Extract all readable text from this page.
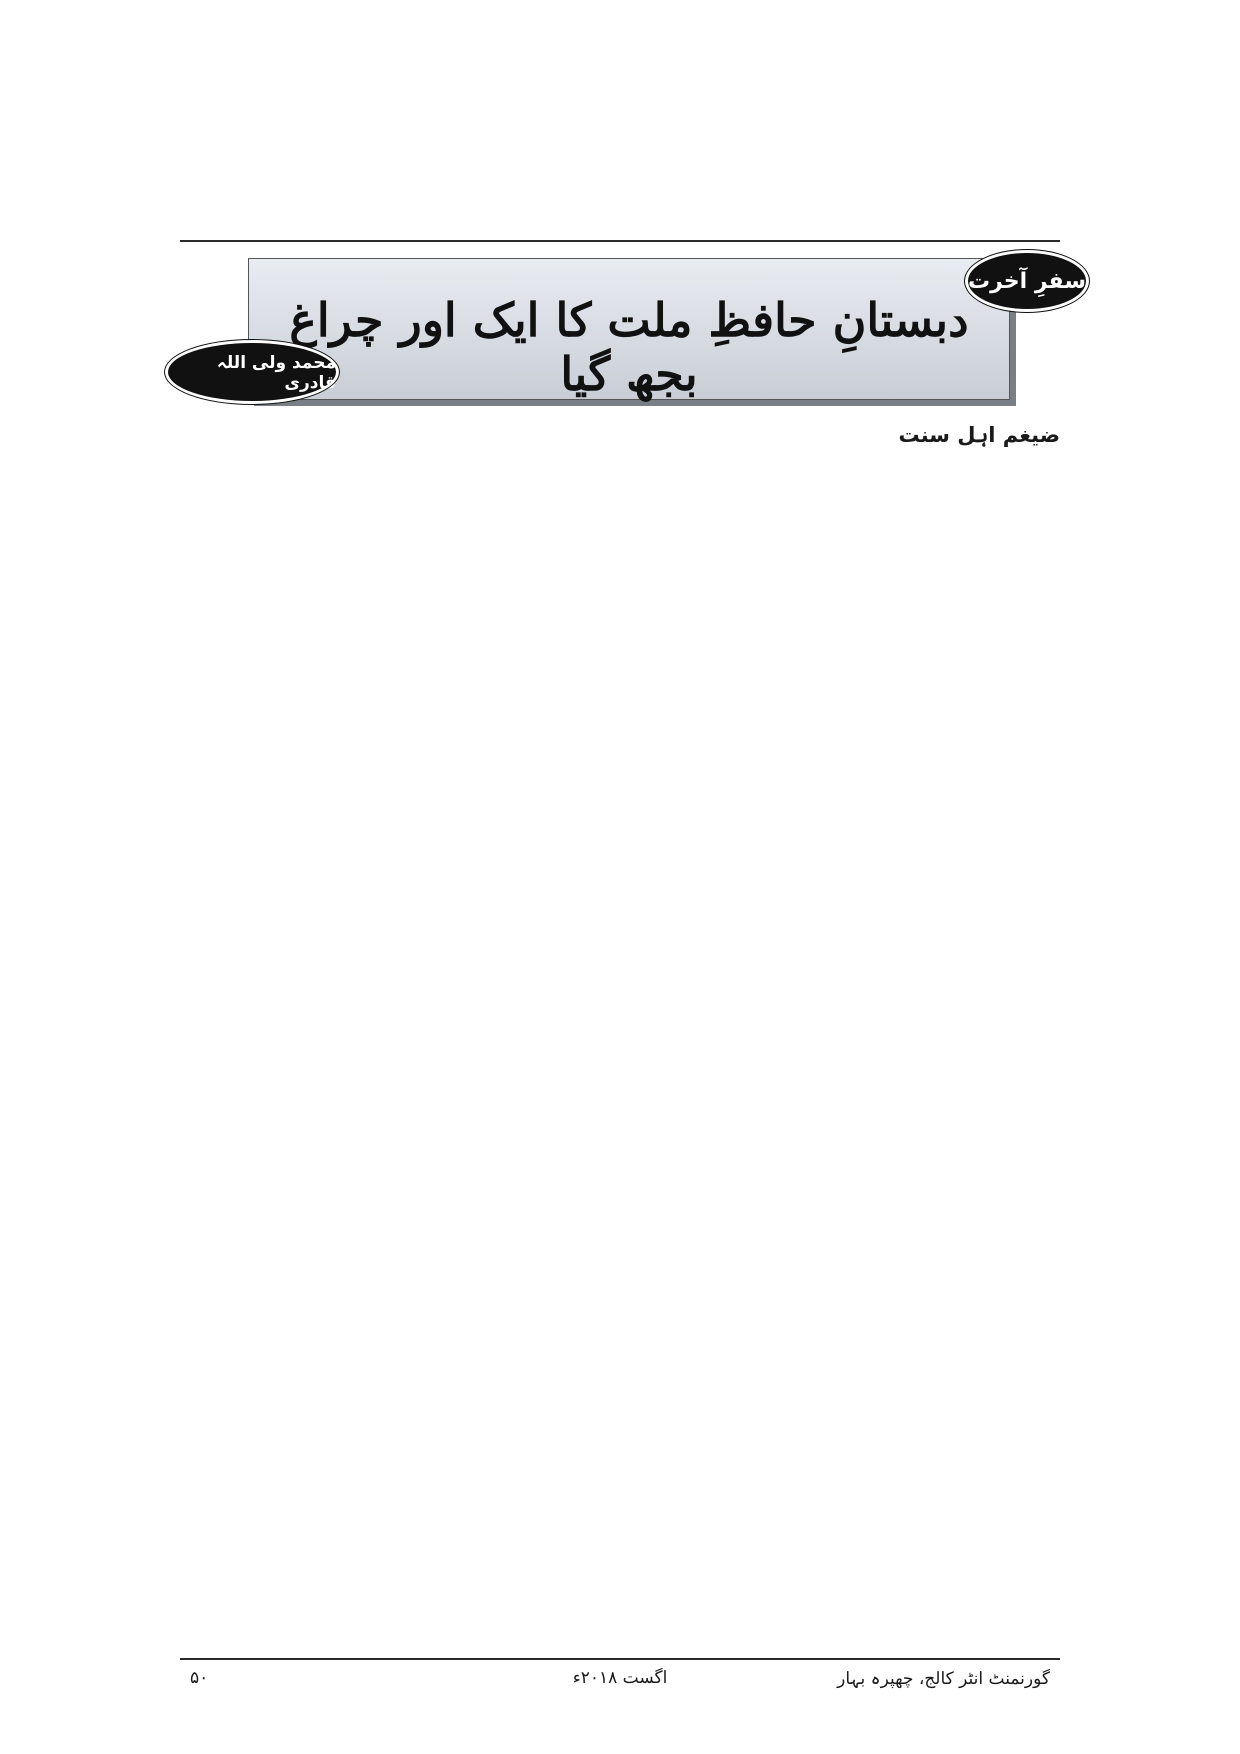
دبستانِ حافظِ ملت کا ایک اور چراغ بجھ گیا
سفرِ آخرت
محمد ولی اللہ قادری
ضیغم اہل سنت
۵۰	اگست ۲۰۱۸ء	گورنمنٹ انٹر کالج، چھپرہ بہار
